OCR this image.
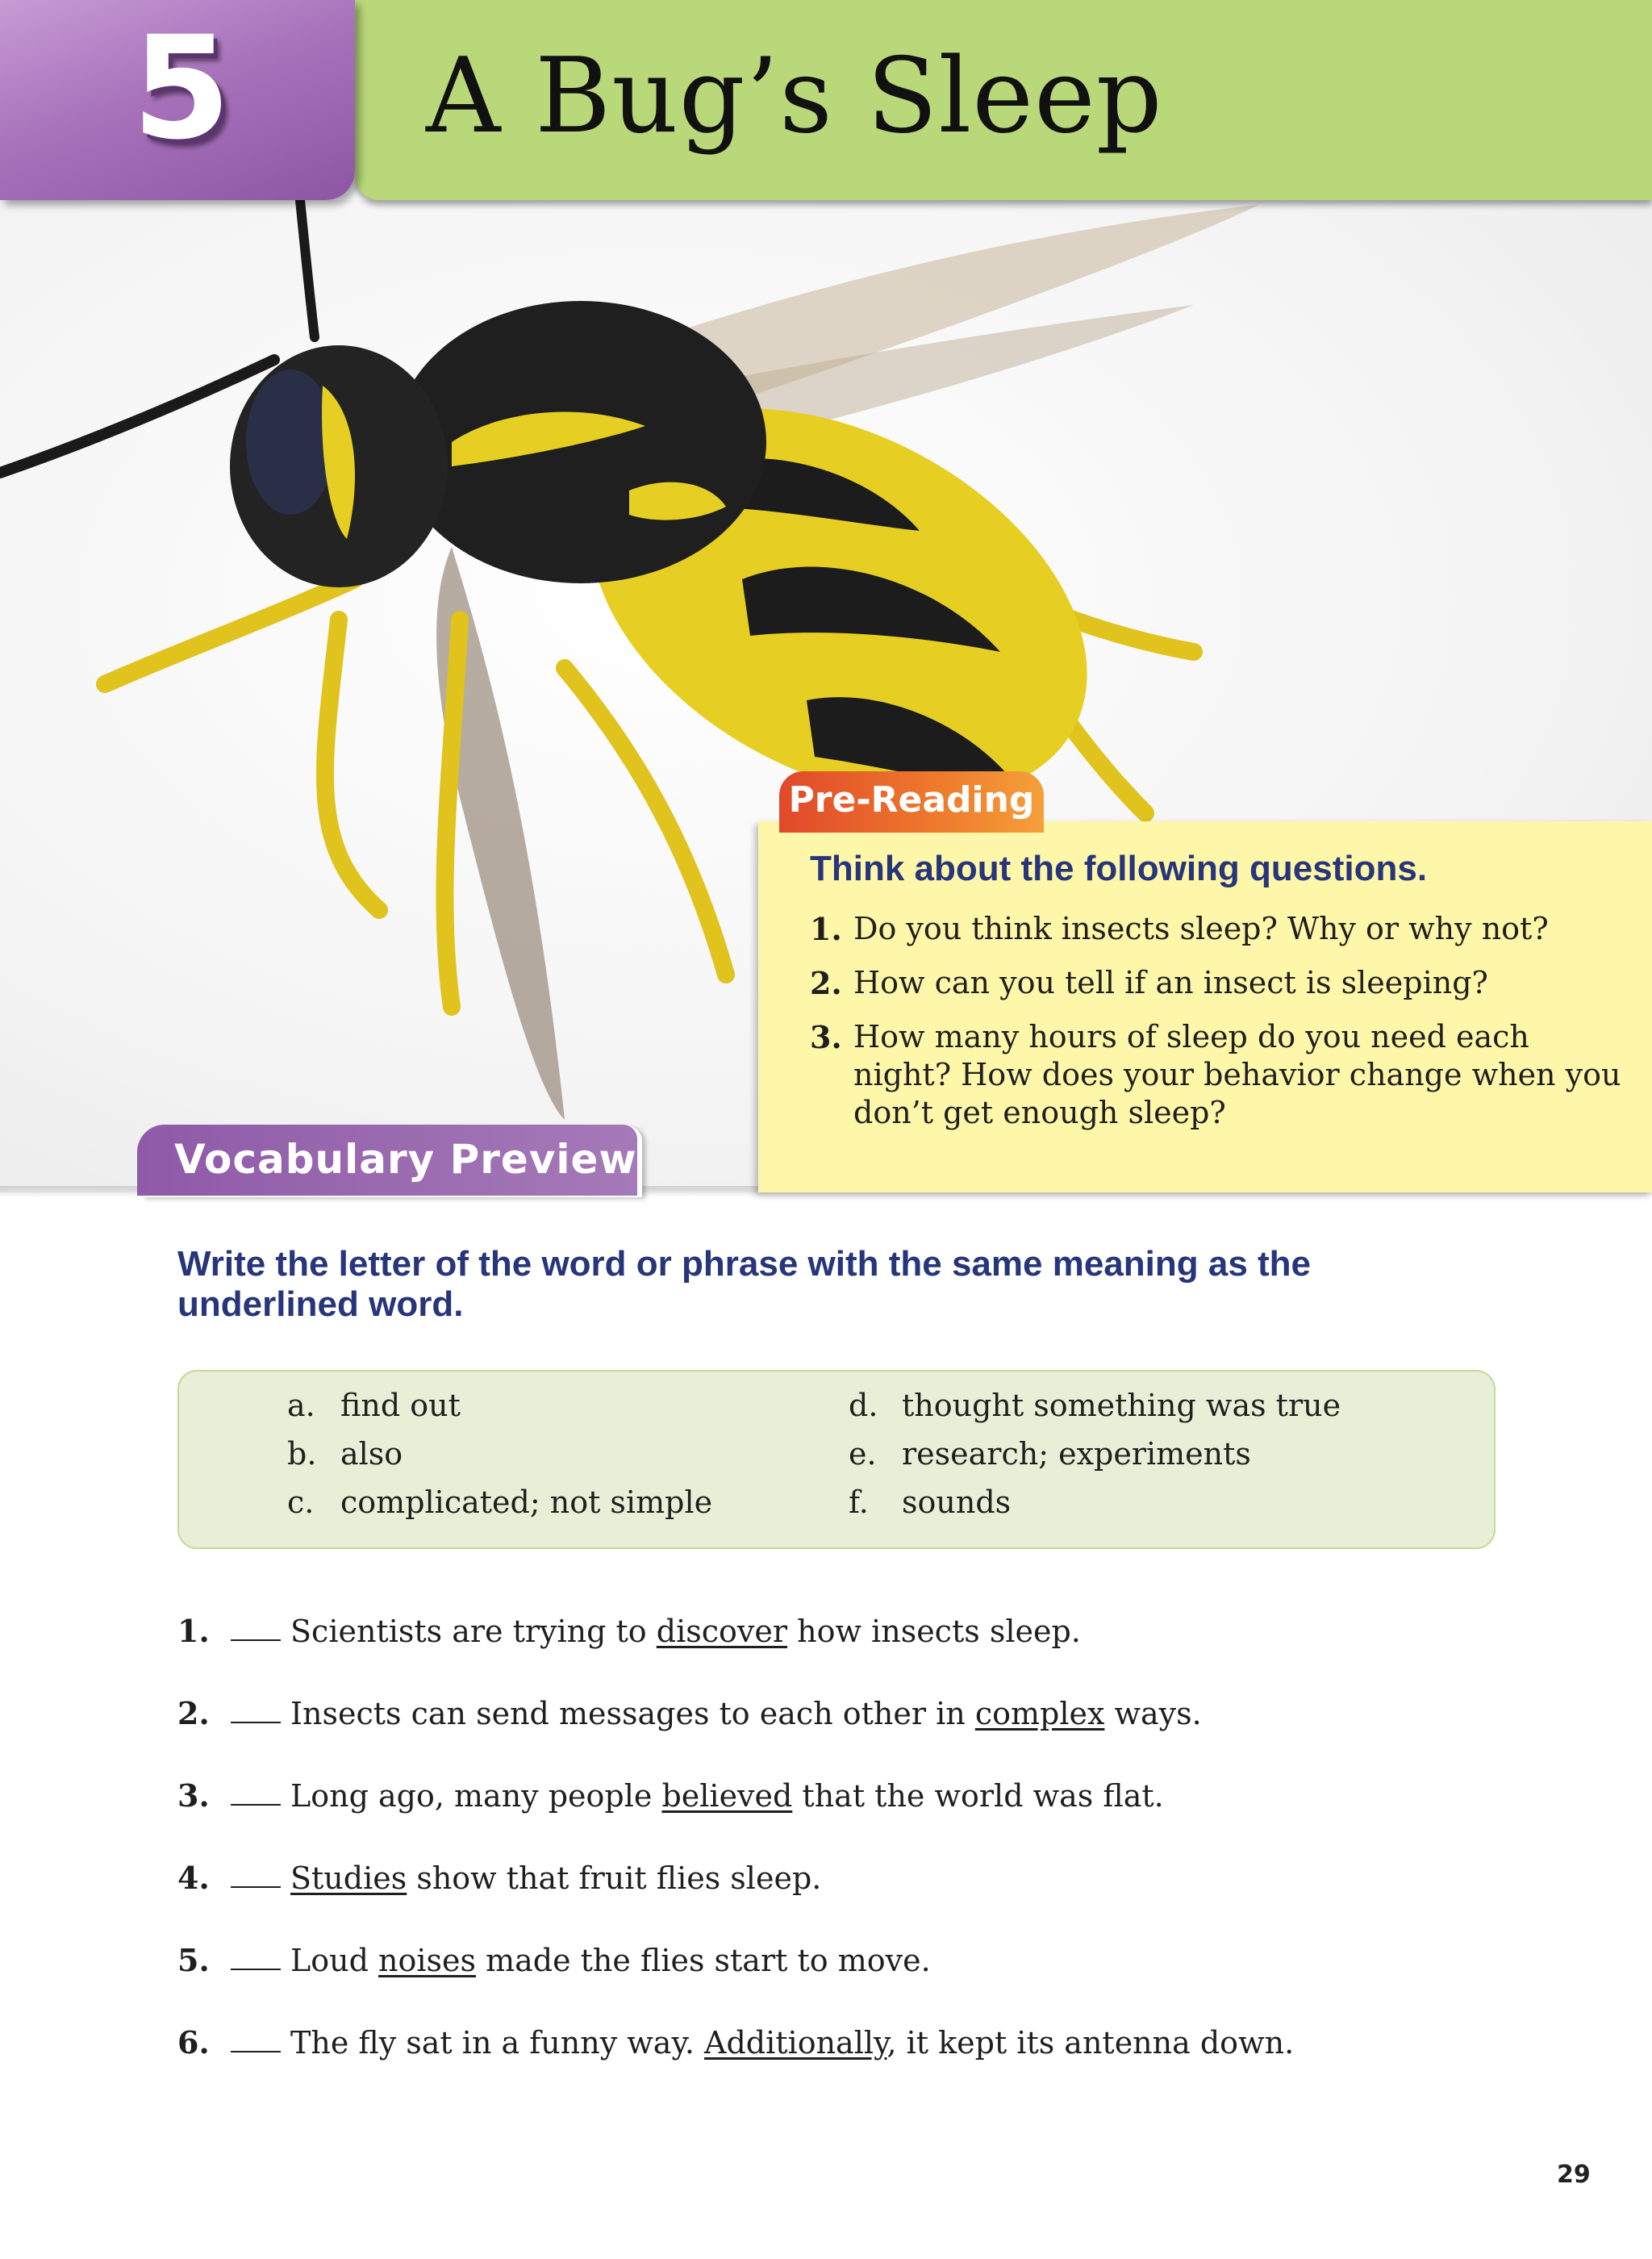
5 A Bug’s Sleep
Pre-Reading
Think about the following questions.
1. Do you think insects sleep? Why or why not?
2. How can you tell if an insect is sleeping?
3. How many hours of sleep do you need each night? How does your behavior change when you don’t get enough sleep?
Vocabulary Preview
Write the letter of the word or phrase with the same meaning as the underlined word.
a. find out
b. also
c. complicated; not simple
d. thought something was true
e. research; experiments
f. sounds
1.	Scientists are trying to discover how insects sleep.
2.	Insects can send messages to each other in complex ways.
3.	Long ago, many people believed that the world was flat.
4.	Studies show that fruit flies sleep.
5.	Loud noises made the flies start to move.
6.	The fly sat in a funny way. Additionally, it kept its antenna down.
29
